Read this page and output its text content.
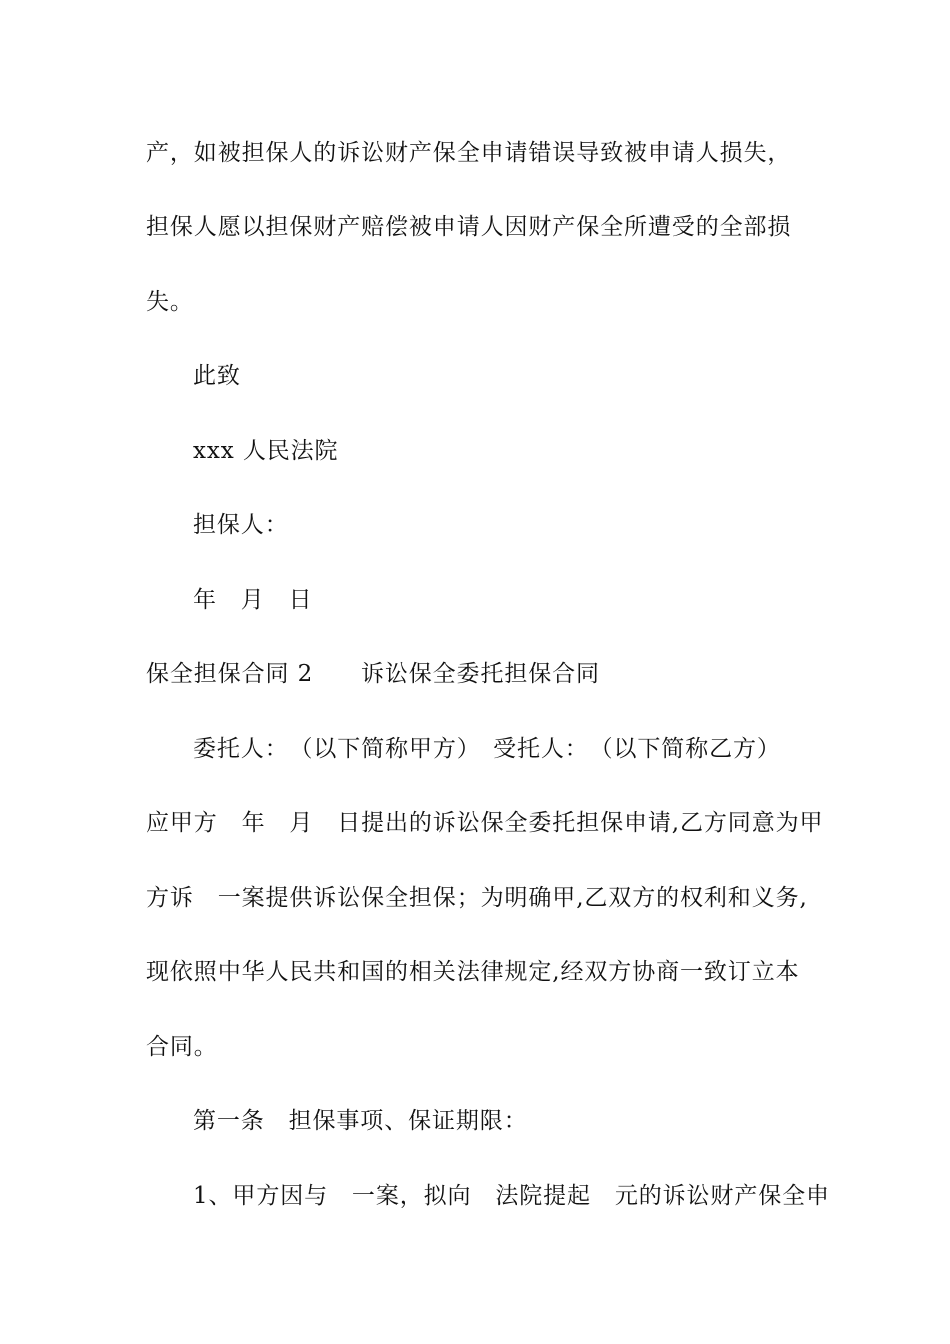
产，如被担保人的诉讼财产保全申请错误导致被申请人损失，
担保人愿以担保财产赔偿被申请人因财产保全所遭受的全部损
失。
此致
xxx 人民法院
担保人：
年　月　日
保全担保合同 2　　诉讼保全委托担保合同
委托人：　（以下简称甲方）　受托人：　（以下简称乙方）
应甲方　年　月　日提出的诉讼保全委托担保申请,乙方同意为甲
方诉　一案提供诉讼保全担保；为明确甲,乙双方的权利和义务,
现依照中华人民共和国的相关法律规定,经双方协商一致订立本
合同。
第一条　担保事项、保证期限：
1、甲方因与　一案，拟向　法院提起　元的诉讼财产保全申
